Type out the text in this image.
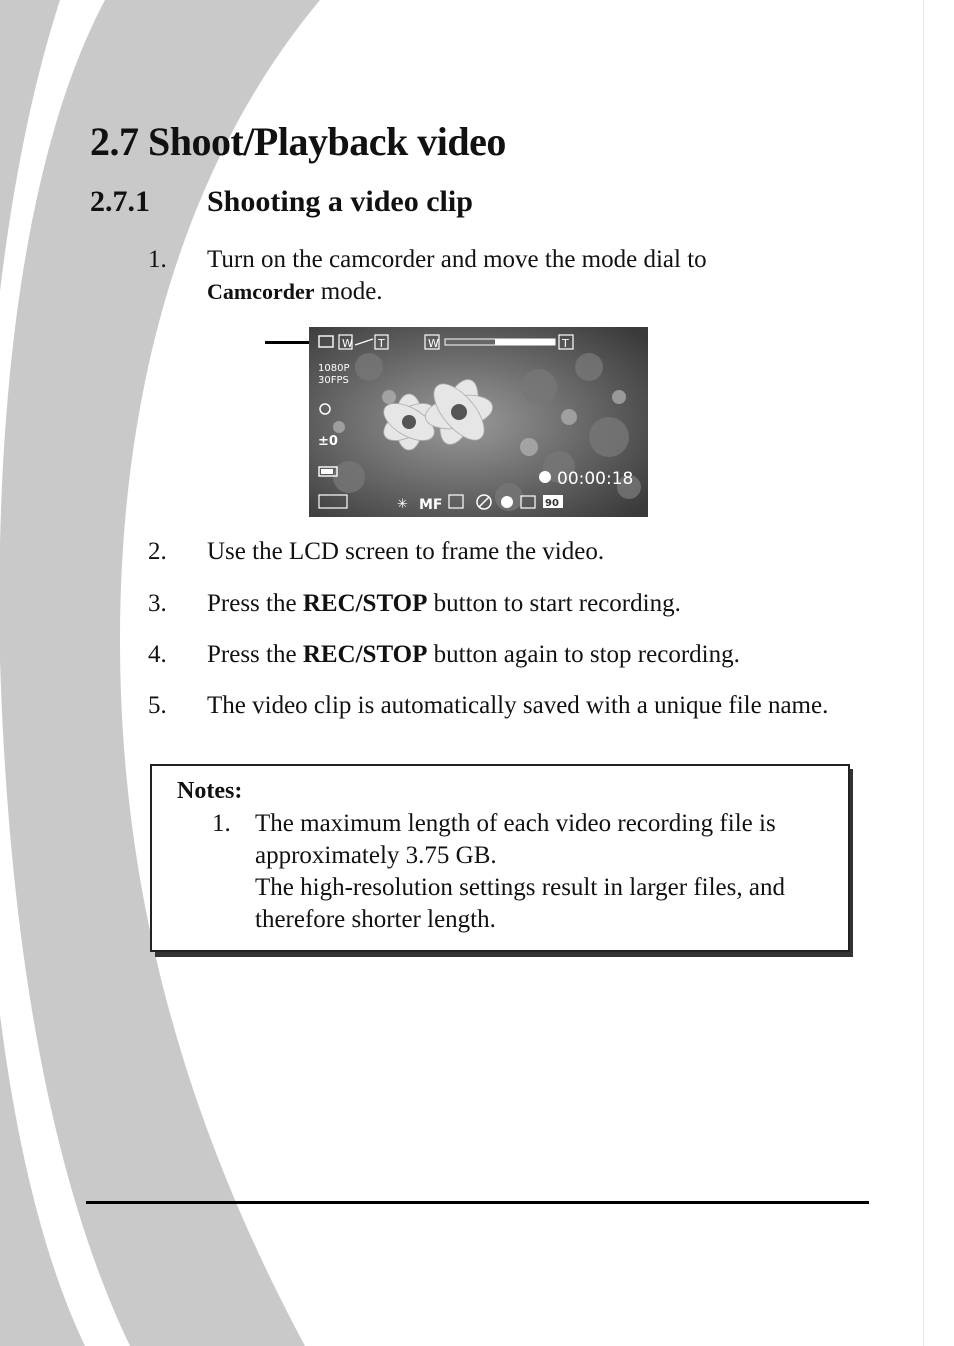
2.7 Shoot/Playback video
2.7.1 Shooting a video clip
1. Turn on the camcorder and move the mode dial to
Camcorder mode.
W T	W	T
1080P
30FPS
±0
00:00:18
✳ MF	90
2. Use the LCD screen to frame the video.
3. Press the REC/STOP button to start recording.
4. Press the REC/STOP button again to stop recording.
5. The video clip is automatically saved with a unique file name.
Notes:
1. The maximum length of each video recording file is approximately 3.75 GB.
The high-resolution settings result in larger files, and therefore shorter length.
